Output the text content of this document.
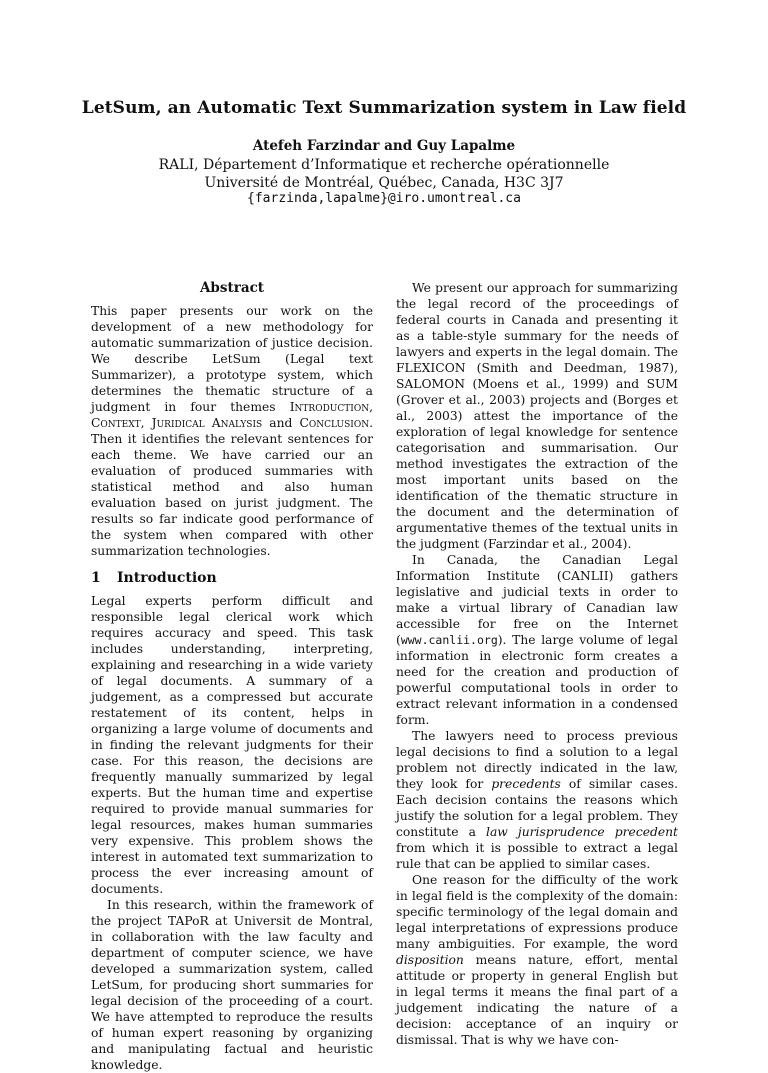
LetSum, an Automatic Text Summarization system in Law field
Atefeh Farzindar and Guy Lapalme
RALI, Département d’Informatique et recherche opérationnelle
Université de Montréal, Québec, Canada, H3C 3J7
{farzinda,lapalme}@iro.umontreal.ca
Abstract

This paper presents our work on the development of a new methodology for automatic summarization of justice decision. We describe LetSum (Legal text Summarizer), a prototype system, which determines the thematic structure of a judgment in four themes Introduction, Context, Juridical Analysis and Conclusion. Then it identifies the relevant sentences for each theme. We have carried our an evaluation of produced summaries with statistical method and also human evaluation based on jurist judgment. The results so far indicate good performance of the system when compared with other summarization technologies.

1 Introduction

Legal experts perform difficult and responsible legal clerical work which requires accuracy and speed. This task includes understanding, interpreting, explaining and researching in a wide variety of legal documents. A summary of a judgement, as a compressed but accurate restatement of its content, helps in organizing a large volume of documents and in finding the relevant judgments for their case. For this reason, the decisions are frequently manually summarized by legal experts. But the human time and expertise required to provide manual summaries for legal resources, makes human summaries very expensive. This problem shows the interest in automated text summarization to process the ever increasing amount of documents.

In this research, within the framework of the project TAPoR at Universit de Montral, in collaboration with the law faculty and department of computer science, we have developed a summarization system, called LetSum, for producing short summaries for legal decision of the proceeding of a court. We have attempted to reproduce the results of human expert reasoning by organizing and manipulating factual and heuristic knowledge.

We present our approach for summarizing the legal record of the proceedings of federal courts in Canada and presenting it as a table-style summary for the needs of lawyers and experts in the legal domain. The FLEXICON (Smith and Deedman, 1987), SALOMON (Moens et al., 1999) and SUM (Grover et al., 2003) projects and (Borges et al., 2003) attest the importance of the exploration of legal knowledge for sentence categorisation and summarisation. Our method investigates the extraction of the most important units based on the identification of the thematic structure in the document and the determination of argumentative themes of the textual units in the judgment (Farzindar et al., 2004).

In Canada, the Canadian Legal Information Institute (CANLII) gathers legislative and judicial texts in order to make a virtual library of Canadian law accessible for free on the Internet (www.canlii.org). The large volume of legal information in electronic form creates a need for the creation and production of powerful computational tools in order to extract relevant information in a condensed form.

The lawyers need to process previous legal decisions to find a solution to a legal problem not directly indicated in the law, they look for precedents of similar cases. Each decision contains the reasons which justify the solution for a legal problem. They constitute a law jurisprudence precedent from which it is possible to extract a legal rule that can be applied to similar cases.

One reason for the difficulty of the work in legal field is the complexity of the domain: specific terminology of the legal domain and legal interpretations of expressions produce many ambiguities. For example, the word disposition means nature, effort, mental attitude or property in general English but in legal terms it means the final part of a judgement indicating the nature of a decision: acceptance of an inquiry or dismissal. That is why we have con-
